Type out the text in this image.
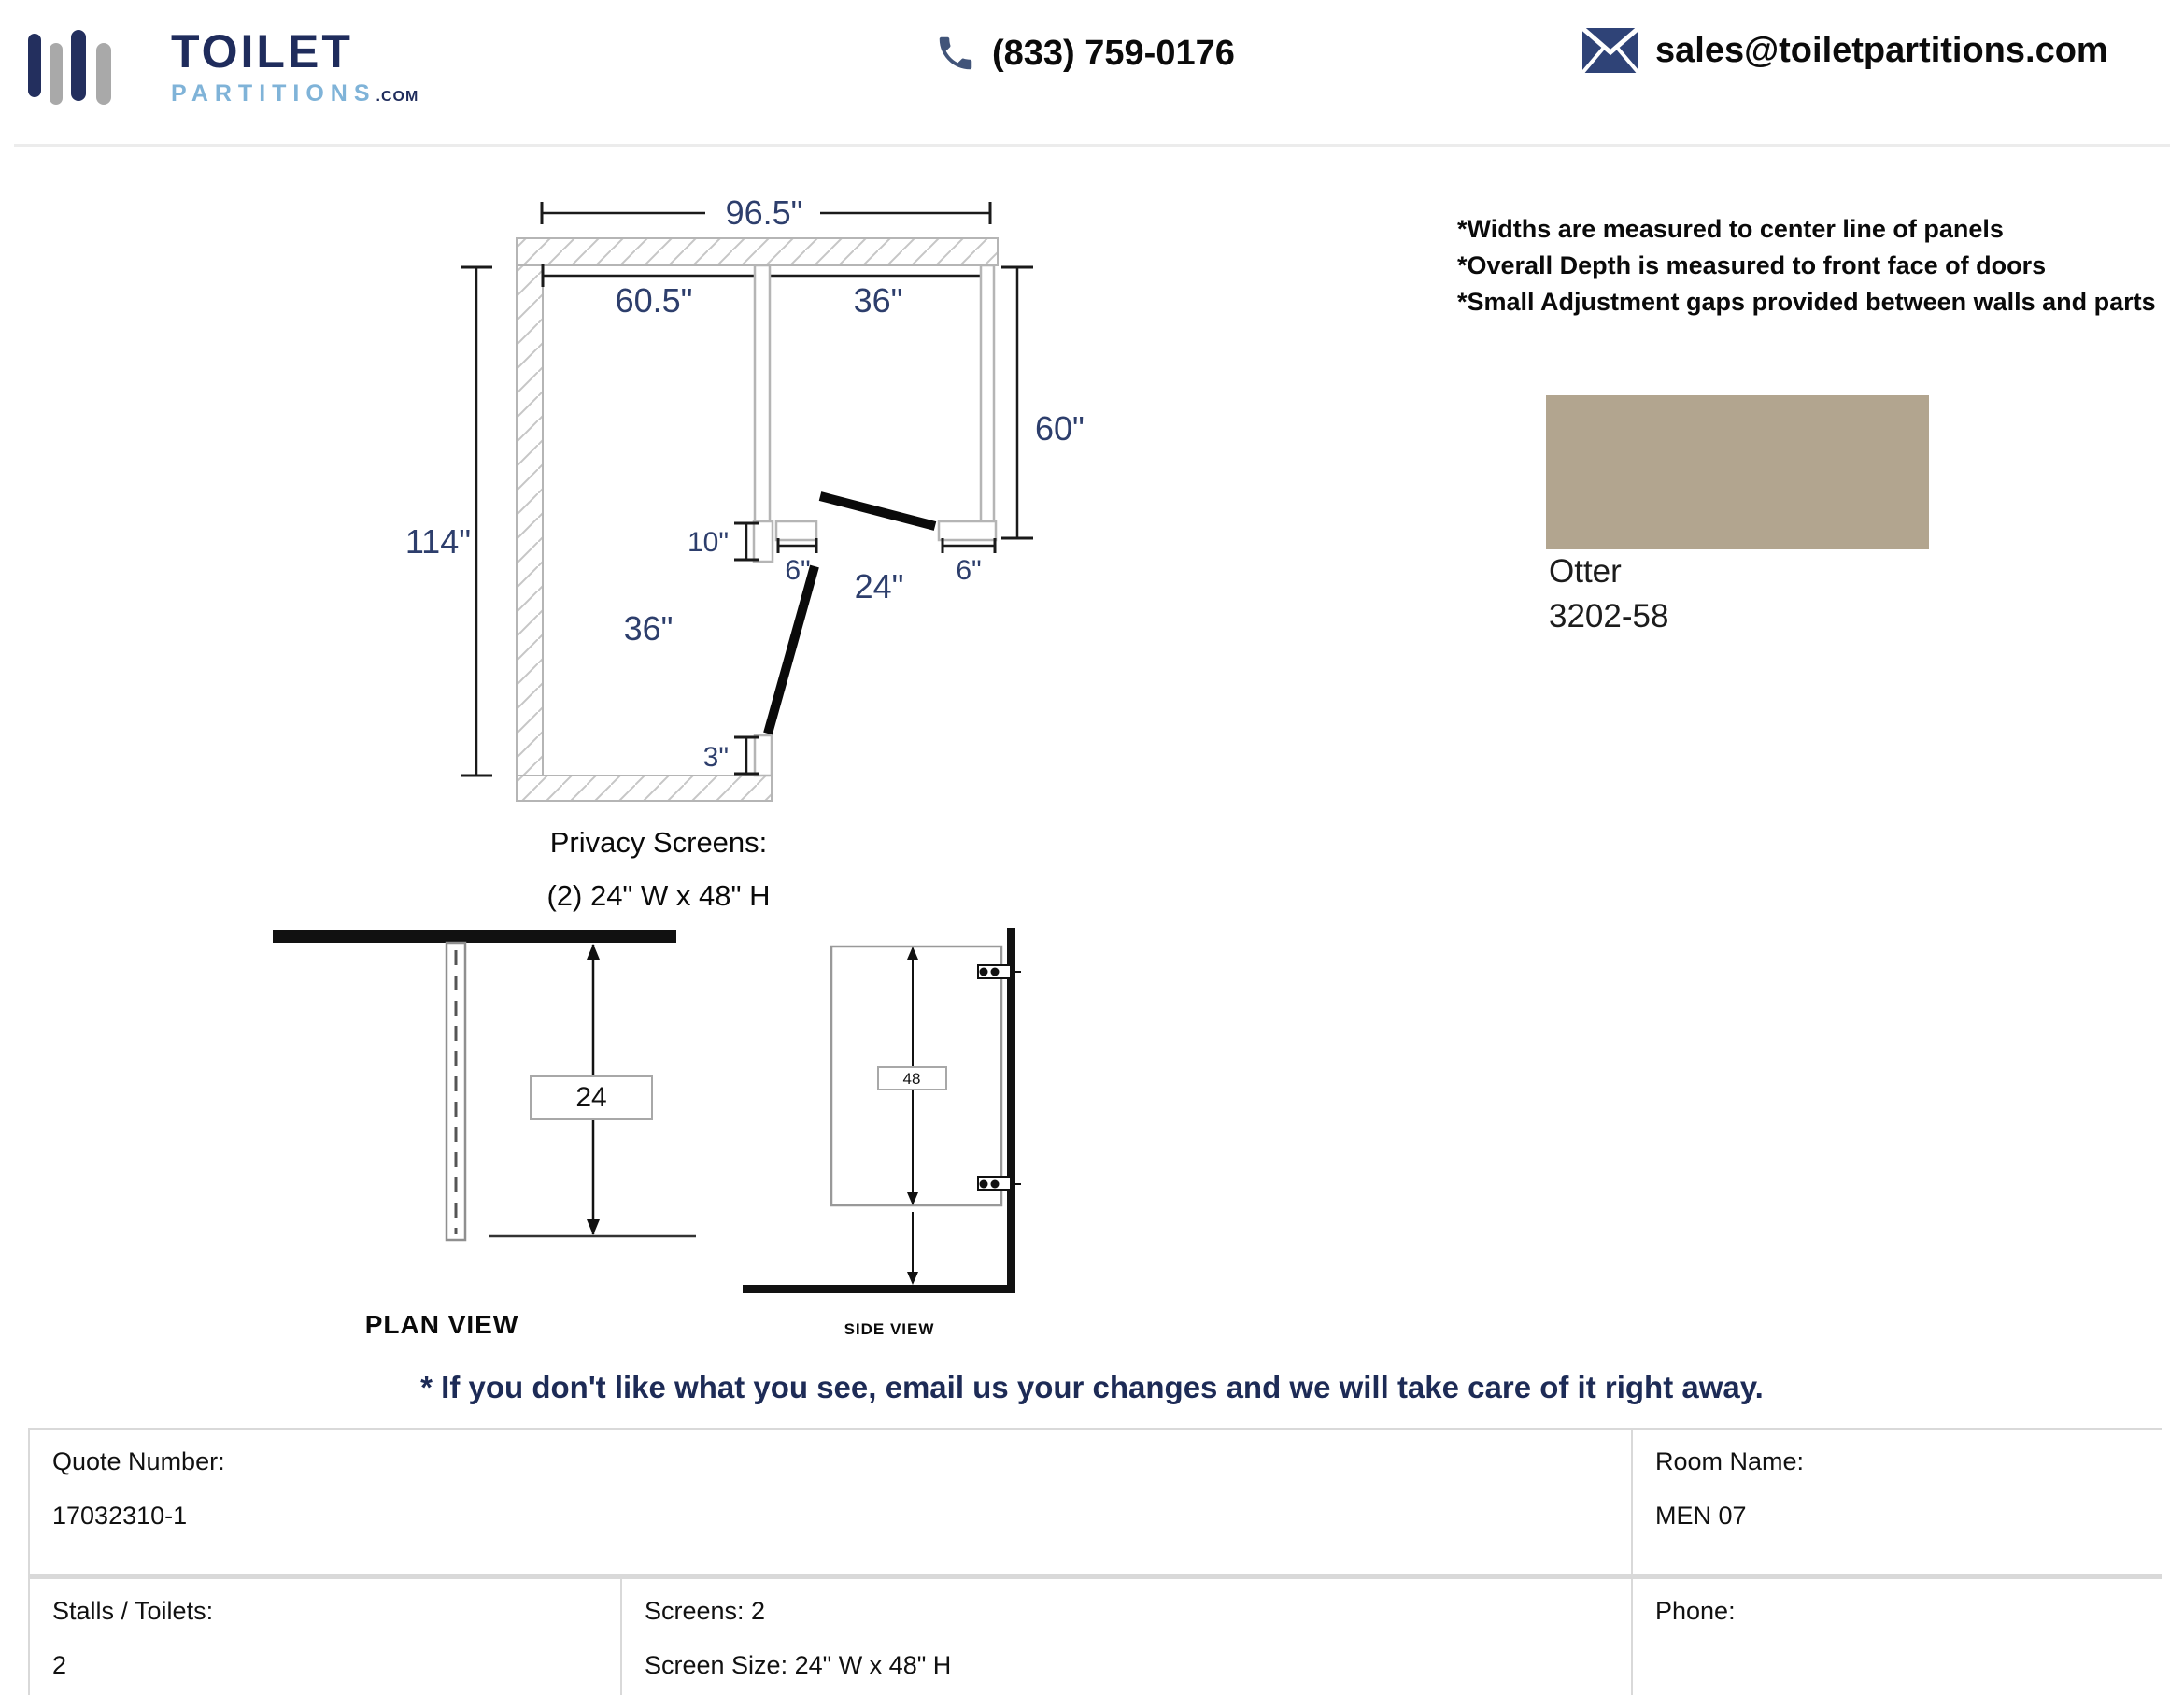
TOILET
PARTITIONS.COM
(833) 759-0176	sales@toiletpartitions.com
*Widths are measured to center line of panels
*Overall Depth is measured to front face of doors
*Small Adjustment gaps provided between walls and parts
Otter
3202-58
96.5"
60.5"	36"
60"
114"	10"
6"	6"
24"
36"
3"
Privacy Screens:
(2) 24" W x 48" H
24
PLAN VIEW
48
SIDE VIEW
* If you don't like what you see, email us your changes and we will take care of it right away.
Quote Number:
17032310-1
Room Name:
MEN 07
Stalls / Toilets:
2
Screens: 2
Screen Size: 24" W x 48" H
Phone:
